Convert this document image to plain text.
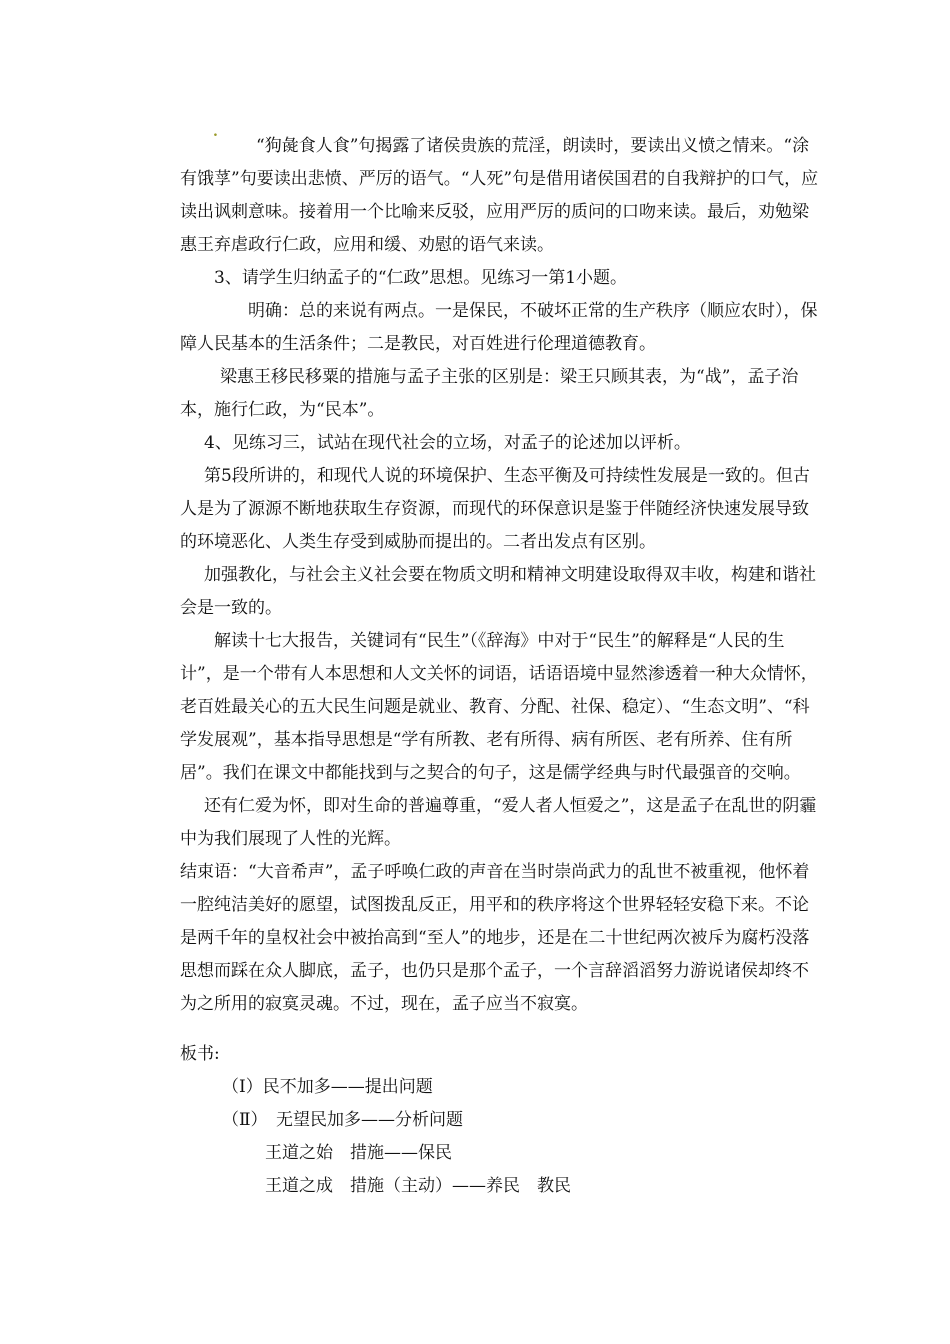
.

“狗彘食人食”句揭露了诸侯贵族的荒淫，朗读时，要读出义愤之情来。“涂有饿莩”句要读出悲愤、严厉的语气。“人死”句是借用诸侯国君的自我辩护的口气，应读出讽刺意味。接着用一个比喻来反驳，应用严厉的质问的口吻来读。最后，劝勉梁惠王弃虐政行仁政，应用和缓、劝慰的语气来读。

3、请学生归纳孟子的“仁政”思想。见练习一第1小题。

明确：总的来说有两点。一是保民，不破坏正常的生产秩序（顺应农时），保障人民基本的生活条件；二是教民，对百姓进行伦理道德教育。

梁惠王移民移粟的措施与孟子主张的区别是：梁王只顾其表，为“战”，孟子治本，施行仁政，为“民本”。

4、见练习三，试站在现代社会的立场，对孟子的论述加以评析。

第5段所讲的，和现代人说的环境保护、生态平衡及可持续性发展是一致的。但古人是为了源源不断地获取生存资源，而现代的环保意识是鉴于伴随经济快速发展导致的环境恶化、人类生存受到威胁而提出的。二者出发点有区别。

加强教化，与社会主义社会要在物质文明和精神文明建设取得双丰收，构建和谐社会是一致的。

解读十七大报告，关键词有“民生”（《辞海》中对于“民生”的解释是“人民的生计”，是一个带有人本思想和人文关怀的词语，话语语境中显然渗透着一种大众情怀，老百姓最关心的五大民生问题是就业、教育、分配、社保、稳定）、“生态文明”、“科学发展观”，基本指导思想是“学有所教、老有所得、病有所医、老有所养、住有所居”。我们在课文中都能找到与之契合的句子，这是儒学经典与时代最强音的交响。

还有仁爱为怀，即对生命的普遍尊重，“爱人者人恒爱之”，这是孟子在乱世的阴霾中为我们展现了人性的光辉。

结束语：“大音希声”，孟子呼唤仁政的声音在当时崇尚武力的乱世不被重视，他怀着一腔纯洁美好的愿望，试图拨乱反正，用平和的秩序将这个世界轻轻安稳下来。不论是两千年的皇权社会中被抬高到“至人”的地步，还是在二十世纪两次被斥为腐朽没落思想而踩在众人脚底，孟子，也仍只是那个孟子，一个言辞滔滔努力游说诸侯却终不为之所用的寂寞灵魂。不过，现在，孟子应当不寂寞。

板书:

（Ⅰ）民不加多——提出问题

（Ⅱ）　无望民加多——分析问题

王道之始　措施——保民

王道之成　措施（主动）——养民　教民
